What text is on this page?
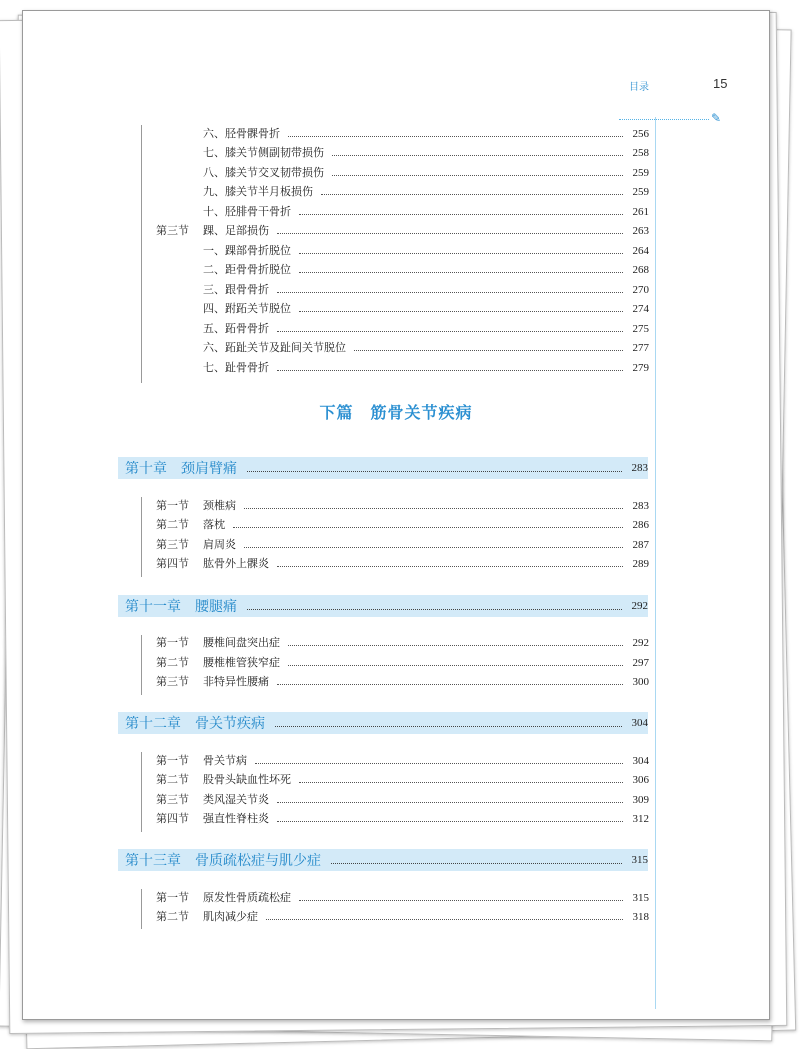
目录	15
✎
六、胫骨髁骨折	256
七、膝关节侧副韧带损伤	258
八、膝关节交叉韧带损伤	259
九、膝关节半月板损伤	259
十、胫腓骨干骨折	261
第三节 踝、足部损伤	263
一、踝部骨折脱位	264
二、距骨骨折脱位	268
三、跟骨骨折	270
四、跗跖关节脱位	274
五、跖骨骨折	275
六、跖趾关节及趾间关节脱位	277
七、趾骨骨折	279
下篇　筋骨关节疾病
第十章　颈肩臂痛	283
第一节	颈椎病	283
第二节	落枕	286
第三节	肩周炎	287
第四节	肱骨外上髁炎	289
第十一章　腰腿痛	292
第一节	腰椎间盘突出症	292
第二节	腰椎椎管狭窄症	297
第三节	非特异性腰痛	300
第十二章　骨关节疾病	304
第一节	骨关节病	304
第二节	股骨头缺血性坏死	306
第三节	类风湿关节炎	309
第四节	强直性脊柱炎	312
第十三章　骨质疏松症与肌少症	315
第一节	原发性骨质疏松症	315
第二节	肌肉减少症	318
